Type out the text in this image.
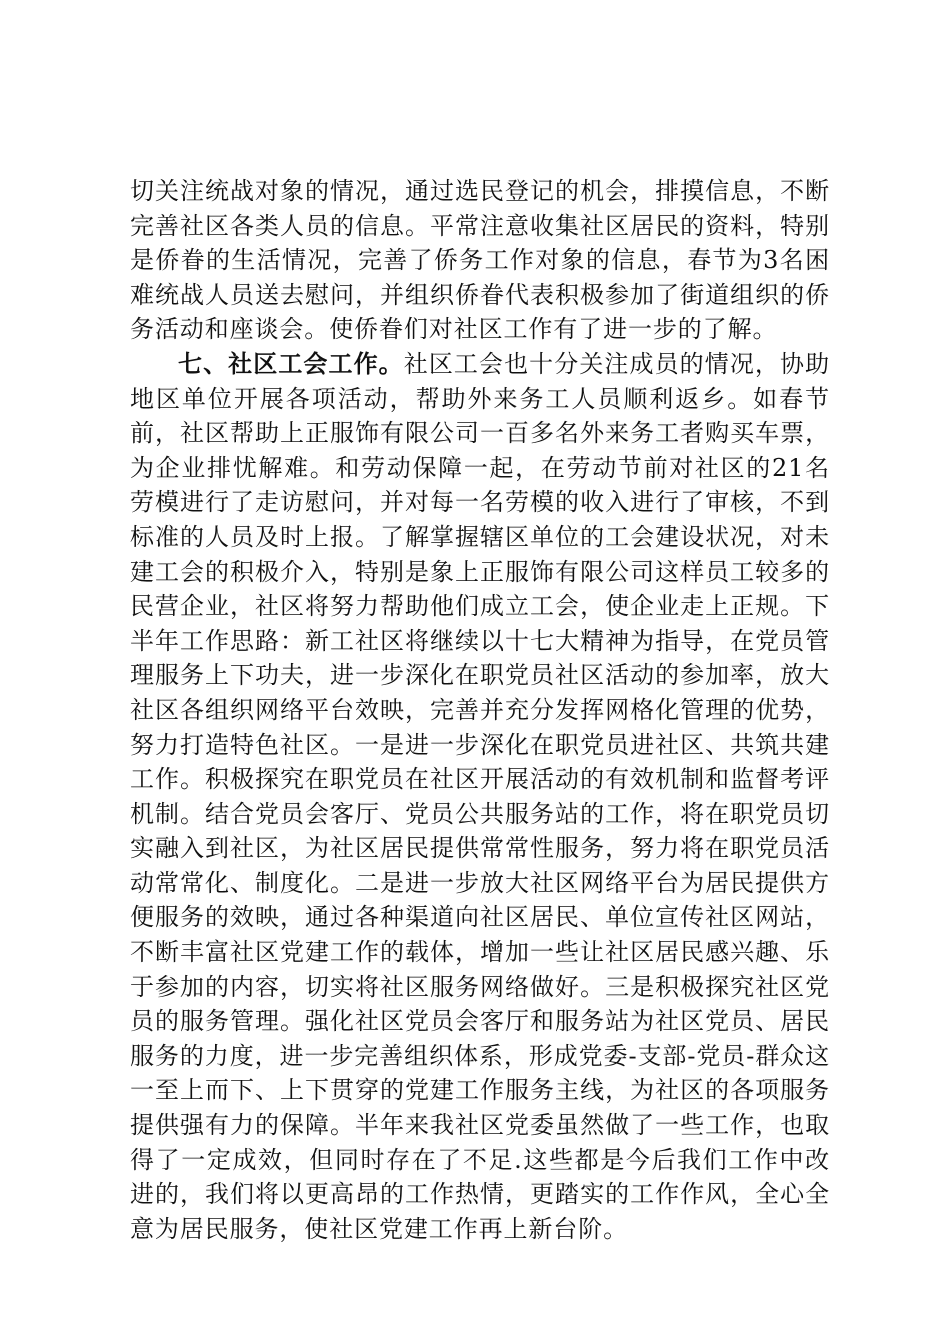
切关注统战对象的情况，通过选民登记的机会，排摸信息，不断完善社区各类人员的信息。平常注意收集社区居民的资料，特别是侨眷的生活情况，完善了侨务工作对象的信息，春节为3名困难统战人员送去慰问，并组织侨眷代表积极参加了街道组织的侨务活动和座谈会。使侨眷们对社区工作有了进一步的了解。

七、社区工会工作。社区工会也十分关注成员的情况，协助地区单位开展各项活动，帮助外来务工人员顺利返乡。如春节前，社区帮助上正服饰有限公司一百多名外来务工者购买车票，为企业排忧解难。和劳动保障一起，在劳动节前对社区的21名劳模进行了走访慰问，并对每一名劳模的收入进行了审核，不到标准的人员及时上报。了解掌握辖区单位的工会建设状况，对未建工会的积极介入，特别是象上正服饰有限公司这样员工较多的民营企业，社区将努力帮助他们成立工会，使企业走上正规。下半年工作思路：新工社区将继续以十七大精神为指导，在党员管理服务上下功夫，进一步深化在职党员社区活动的参加率，放大社区各组织网络平台效映，完善并充分发挥网格化管理的优势，努力打造特色社区。一是进一步深化在职党员进社区、共筑共建工作。积极探究在职党员在社区开展活动的有效机制和监督考评机制。结合党员会客厅、党员公共服务站的工作，将在职党员切实融入到社区，为社区居民提供常常性服务，努力将在职党员活动常常化、制度化。二是进一步放大社区网络平台为居民提供方便服务的效映，通过各种渠道向社区居民、单位宣传社区网站，不断丰富社区党建工作的载体，增加一些让社区居民感兴趣、乐于参加的内容，切实将社区服务网络做好。三是积极探究社区党员的服务管理。强化社区党员会客厅和服务站为社区党员、居民服务的力度，进一步完善组织体系，形成党委-支部-党员-群众这一至上而下、上下贯穿的党建工作服务主线，为社区的各项服务提供强有力的保障。半年来我社区党委虽然做了一些工作，也取得了一定成效，但同时存在了不足.这些都是今后我们工作中改进的，我们将以更高昂的工作热情，更踏实的工作作风，全心全意为居民服务，使社区党建工作再上新台阶。
